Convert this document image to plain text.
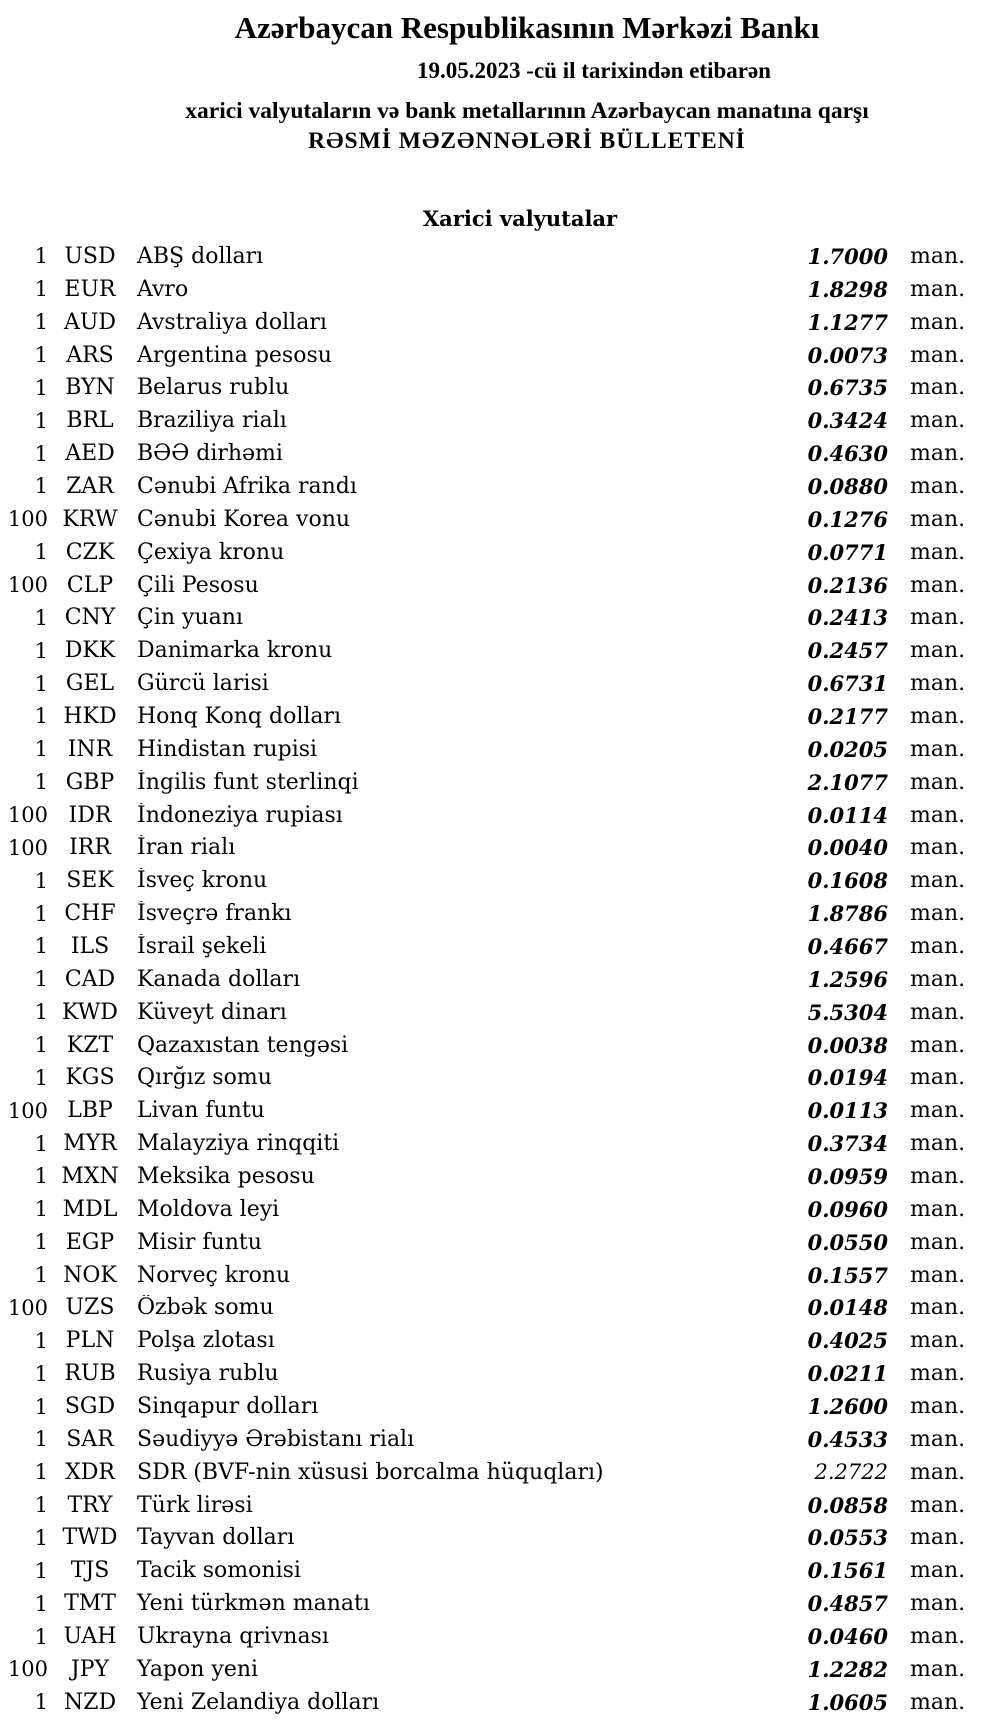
Azərbaycan Respublikasının Mərkəzi Bankı
19.05.2023 -cü il tarixindən etibarən
xarici valyutaların və bank metallarının Azərbaycan manatına qarşı
RƏSMİ MƏZƏNNƏLƏRİ BÜLLETENİ
Xarici valyutalar
1 USD ABŞ dolları	1.7000	man.
1 EUR Avro	1.8298	man.
1 AUD Avstraliya dolları	1.1277	man.
1 ARS	Argentina pesosu	0.0073	man.
1 BYN	Belarus rublu	0.6735	man.
1 BRL	Braziliya rialı	0.3424	man.
1 AED	BƏƏ dirhəmi	0.4630	man.
1 ZAR	Cənubi Afrika randı	0.0880	man.
100 KRW Cənubi Korea vonu	0.1276	man.
1 CZK	Çexiya kronu	0.0771	man.
100 CLP	Çili Pesosu	0.2136	man.
1 CNY Çin yuanı	0.2413	man.
1 DKK Danimarka kronu	0.2457	man.
1 GEL	Gürcü larisi	0.6731	man.
1 HKD Honq Konq dolları	0.2177	man.
1 INR	Hindistan rupisi	0.0205	man.
1 GBP	İngilis funt sterlinqi	2.1077	man.
100 IDR	İndoneziya rupiası	0.0114	man.
100 IRR	İran rialı	0.0040	man.
1 SEK	İsveç kronu	0.1608	man.
1 CHF İsveçrə frankı	1.8786	man.
1	ILS	İsrail şekeli	0.4667	man.
1 CAD Kanada dolları	1.2596	man.
1 KWD Küveyt dinarı	5.5304	man.
1 KZT	Qazaxıstan tengəsi	0.0038	man.
1 KGS	Qırğız somu	0.0194	man.
100 LBP	Livan funtu	0.0113	man.
1 MYR Malayziya rinqqiti	0.3734	man.
1 MXN Meksika pesosu	0.0959	man.
1 MDL Moldova leyi	0.0960	man.
1 EGP	Misir funtu	0.0550	man.
1 NOK Norveç kronu	0.1557	man.
100 UZS	Özbək somu	0.0148	man.
1 PLN	Polşa zlotası	0.4025	man.
1 RUB Rusiya rublu	0.0211	man.
1 SGD Sinqapur dolları	1.2600	man.
1 SAR	Səudiyyə Ərəbistanı rialı	0.4533	man.
1 XDR	SDR (BVF-nin xüsusi borcalma hüquqları)	2.2722	man.
1 TRY	Türk lirəsi	0.0858	man.
1 TWD Tayvan dolları	0.0553	man.
1	TJS	Tacik somonisi	0.1561	man.
1 TMT Yeni türkmən manatı	0.4857	man.
1 UAH Ukrayna qrivnası	0.0460	man.
100	JPY	Yapon yeni	1.2282	man.
1 NZD Yeni Zelandiya dolları	1.0605	man.
